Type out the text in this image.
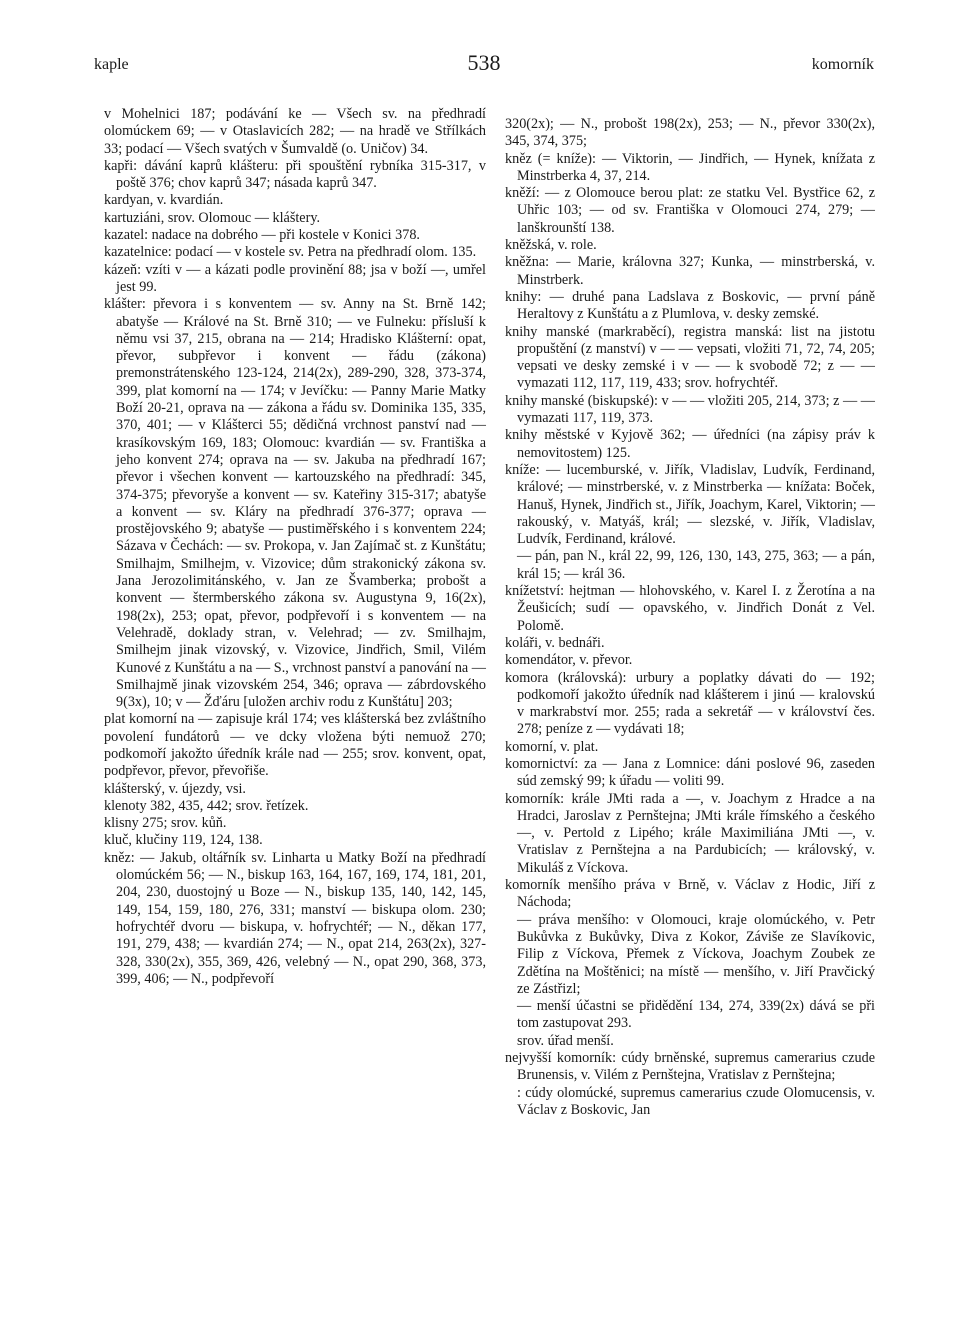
kaple	538	komorník

v Mohelnici 187; podávání ke — Všech sv. na předhradí olomúckem 69; — v Otaslavicích 282; — na hradě ve Střílkách 33; podací — Všech svatých v Šumvaldě (o. Uničov) 34.

kapři: dávání kaprů klášteru: při spouštění rybníka 315-317, v poště 376; chov kaprů 347; násada kaprů 347.

kardyan, v. kvardián.

kartuziáni, srov. Olomouc — kláštery.

kazatel: nadace na dobrého — při kostele v Konici 378.

kazatelnice: podací — v kostele sv. Petra na předhradí olom. 135.

kázeň: vzíti v — a kázati podle provinění 88; jsa v boží —, umřel jest 99.

klášter: převora i s konventem — sv. Anny na St. Brně 142; abatyše — Králové na St. Brně 310; — ve Fulneku: přísluší k němu vsi 37, 215, obrana na — 214; Hradisko Klášterní: opat, převor, subpřevor i konvent — řádu (zákona) premonstrátenského 123-124, 214(2x), 289-290, 328, 373-374, 399, plat komorní na — 174; v Jevíčku: — Panny Marie Matky Boží 20-21, oprava na — zákona a řádu sv. Dominika 135, 335, 370, 401; — v Klášterci 55; dědičná vrchnost panství nad — krasíkovským 169, 183; Olomouc: kvardián — sv. Františka a jeho konvent 274; oprava na — sv. Jakuba na předhradí 167; převor i všechen konvent — kartouzského na předhradí: 345, 374-375; převoryše a konvent — sv. Kateřiny 315-317; abatyše a konvent — sv. Kláry na předhradí 376-377; oprava — prostějovského 9; abatyše — pustiměřského i s konventem 224; Sázava v Čechách: — sv. Prokopa, v. Jan Zajímač st. z Kunštátu; Smilhajm, Smilhejm, v. Vizovice; dům strakonický zákona sv. Jana Jerozolimitánského, v. Jan ze Švamberka; probošt a konvent — štermberského zákona sv. Augustyna 9, 16(2x), 198(2x), 253; opat, převor, podpřevoří i s konventem — na Velehradě, doklady stran, v. Velehrad; — zv. Smilhajm, Smilhejm jinak vizovský, v. Vizovice, Jindřich, Smil, Vilém Kunové z Kunštátu a na — S., vrchnost panství a panování na — Smilhajmě jinak vizovském 254, 346; oprava — zábrdovského 9(3x), 10; v — Žďáru [uložen archiv rodu z Kunštátu] 203;

plat komorní na — zapisuje král 174; ves klášterská bez zvláštního povolení fundátorů — ve dcky vložena býti nemuož 270; podkomoří jakožto úředník krále nad — 255; srov. konvent, opat, podpřevor, převor, převořiše.

klášterský, v. újezdy, vsi.

klenoty 382, 435, 442; srov. řetízek.

klisny 275; srov. kůň.

kluč, klučiny 119, 124, 138.

kněz: — Jakub, oltářník sv. Linharta u Matky Boží na předhradí olomúckém 56; — N., biskup 163, 164, 167, 169, 174, 181, 201, 204, 230, duostojný u Boze — N., biskup 135, 140, 142, 145, 149, 154, 159, 180, 276, 331; manství — biskupa olom. 230; hofrychtéř dvoru — biskupa, v. hofrychtéř; — N., děkan 177, 191, 279, 438; — kvardián 274; — N., opat 214, 263(2x), 327-328, 330(2x), 355, 369, 426, velebný — N., opat 290, 368, 373, 399, 406; — N., podpřevoří

320(2x); — N., probošt 198(2x), 253; — N., převor 330(2x), 345, 374, 375;

kněz (= kníže): — Viktorin, — Jindřich, — Hynek, knížata z Minstrberka 4, 37, 214.

kněží: — z Olomouce berou plat: ze statku Vel. Bystřice 62, z Uhřic 103; — od sv. Františka v Olomouci 274, 279; — lanškrounští 138.

kněžská, v. role.

kněžna: — Marie, královna 327; Kunka, — minstrberská, v. Minstrberk.

knihy: — druhé pana Ladslava z Boskovic, — první páně Heraltovy z Kunštátu a z Plumlova, v. desky zemské.

knihy manské (markraběcí), registra manská: list na jistotu propuštění (z manství) v — — vepsati, vložiti 71, 72, 74, 205; vepsati ve desky zemské i v — — k svobodě 72; z — — vymazati 112, 117, 119, 433; srov. hofrychtéř.

knihy manské (biskupské): v — — vložiti 205, 214, 373; z — — vymazati 117, 119, 373.

knihy městské v Kyjově 362; — úředníci (na zápisy práv k nemovitostem) 125.

kníže: — lucemburské, v. Jiřík, Vladislav, Ludvík, Ferdinand, králové; — minstrberské, v. z Minstrberka — knížata: Boček, Hanuš, Hynek, Jindřich st., Jiřík, Joachym, Karel, Viktorin; — rakouský, v. Matyáš, král; — slezské, v. Jiřík, Vladislav, Ludvík, Ferdinand, králové.

— pán, pan N., král 22, 99, 126, 130, 143, 275, 363; — a pán, král 15; — král 36.

knížetství: hejtman — hlohovského, v. Karel I. z Žerotína a na Žeušicích; sudí — opavského, v. Jindřich Donát z Vel. Polomě.

koláři, v. bednáři.

komendátor, v. převor.

komora (královská): urbury a poplatky dávati do — 192; podkomoří jakožto úředník nad klášterem i jinú — kralovskú v markrabství mor. 255; rada a sekretář — v království čes. 278; peníze z — vydávati 18;

komorní, v. plat.

komornictví: za — Jana z Lomnice: dáni poslové 96, zaseden súd zemský 99; k úřadu — voliti 99.

komorník: krále JMti rada a —, v. Joachym z Hradce a na Hradci, Jaroslav z Pernštejna; JMti krále římského a českého —, v. Pertold z Lipého; krále Maximiliána JMti —, v. Vratislav z Pernštejna a na Pardubicích; — královský, v. Mikuláš z Víckova.

komorník menšího práva v Brně, v. Václav z Hodic, Jiří z Náchoda;

— práva menšího: v Olomouci, kraje olomúckého, v. Petr Bukůvka z Bukůvky, Diva z Kokor, Záviše ze Slavíkovic, Filip z Víckova, Přemek z Víckova, Joachym Zoubek ze Zdětína na Moštěnici; na místě — menšího, v. Jiří Pravčický ze Zástřizl;

— menší účastni se přidědění 134, 274, 339(2x) dává se při tom zastupovat 293.

srov. úřad menší.

nejvyšší komorník: cúdy brněnské, supremus camerarius czude Brunensis, v. Vilém z Pernštejna, Vratislav z Pernštejna;

: cúdy olomúcké, supremus camerarius czude Olomucensis, v. Václav z Boskovic, Jan
